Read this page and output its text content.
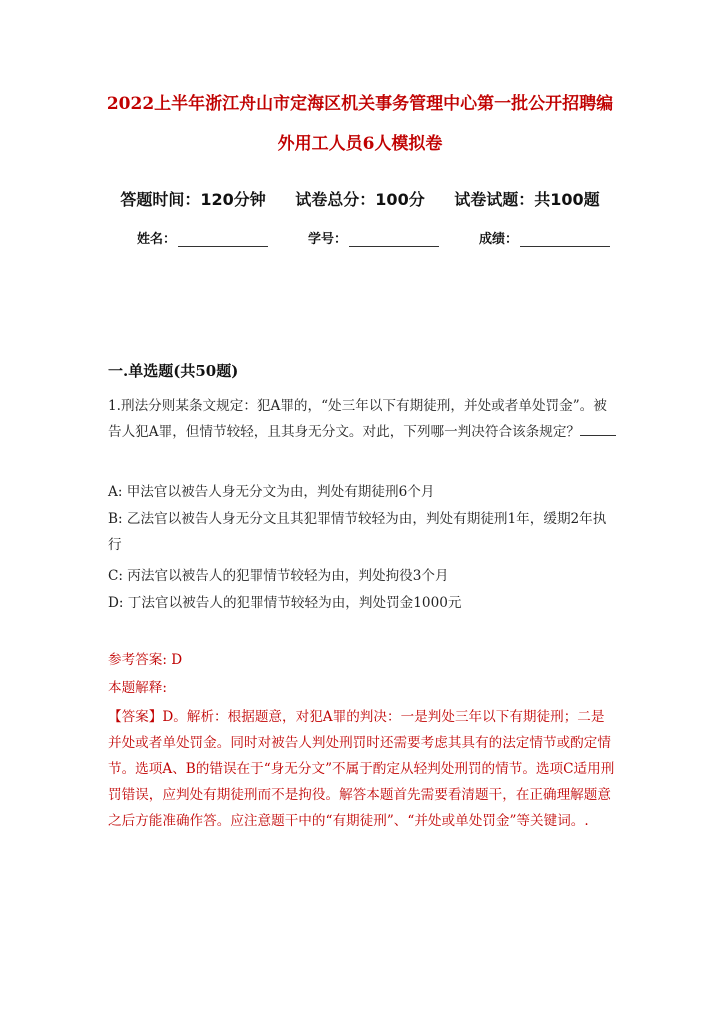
2022上半年浙江舟山市定海区机关事务管理中心第一批公开招聘编
外用工人员6人模拟卷
答题时间：120分钟 试卷总分：100分 试卷试题：共100题
姓名：	学号：	成绩：
一.单选题(共50题)
1.刑法分则某条文规定：犯A罪的，“处三年以下有期徒刑，并处或者单处罚金”。被告人犯A罪，但情节较轻，且其身无分文。对此，下列哪一判决符合该条规定？
A: 甲法官以被告人身无分文为由，判处有期徒刑6个月
B: 乙法官以被告人身无分文且其犯罪情节较轻为由，判处有期徒刑1年，缓期2年执行
C: 丙法官以被告人的犯罪情节较轻为由，判处拘役3个月
D: 丁法官以被告人的犯罪情节较轻为由，判处罚金1000元
参考答案: D
本题解释:
【答案】D。解析：根据题意，对犯A罪的判决：一是判处三年以下有期徒刑；二是并处或者单处罚金。同时对被告人判处刑罚时还需要考虑其具有的法定情节或酌定情节。选项A、B的错误在于“身无分文”不属于酌定从轻判处刑罚的情节。选项C适用刑罚错误，应判处有期徒刑而不是拘役。解答本题首先需要看清题干，在正确理解题意之后方能准确作答。应注意题干中的“有期徒刑”、“并处或单处罚金”等关键词。.
